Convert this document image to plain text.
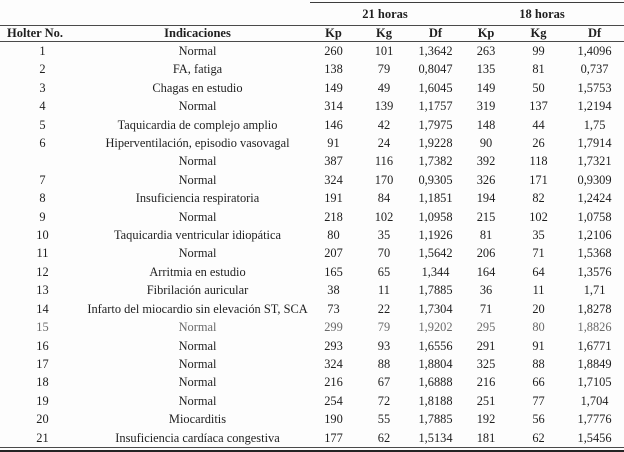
		21 horas			18 horas		
Holter No.	Indicaciones	Kp	Kg	Df	Kp	Kg	Df
1	Normal	260	101	1,3642	263	99	1,4096
2	FA, fatiga	138	79	0,8047	135	81	0,737
3	Chagas en estudio	149	49	1,6045	149	50	1,5753
4	Normal	314	139	1,1757	319	137	1,2194
5	Taquicardia de complejo amplio	146	42	1,7975	148	44	1,75
6	Hiperventilación, episodio vasovagal	91	24	1,9228	90	26	1,7914
	Normal	387	116	1,7382	392	118	1,7321
7	Normal	324	170	0,9305	326	171	0,9309
8	Insuficiencia respiratoria	191	84	1,1851	194	82	1,2424
9	Normal	218	102	1,0958	215	102	1,0758
10	Taquicardia ventricular idiopática	80	35	1,1926	81	35	1,2106
11	Normal	207	70	1,5642	206	71	1,5368
12	Arritmia en estudio	165	65	1,344	164	64	1,3576
13	Fibrilación auricular	38	11	1,7885	36	11	1,71
14	Infarto del miocardio sin elevación ST, SCA	73	22	1,7304	71	20	1,8278
15	Normal	299	79	1,9202	295	80	1,8826
16	Normal	293	93	1,6556	291	91	1,6771
17	Normal	324	88	1,8804	325	88	1,8849
18	Normal	216	67	1,6888	216	66	1,7105
19	Normal	254	72	1,8188	251	77	1,704
20	Miocarditis	190	55	1,7885	192	56	1,7776
21	Insuficiencia cardíaca congestiva	177	62	1,5134	181	62	1,5456
